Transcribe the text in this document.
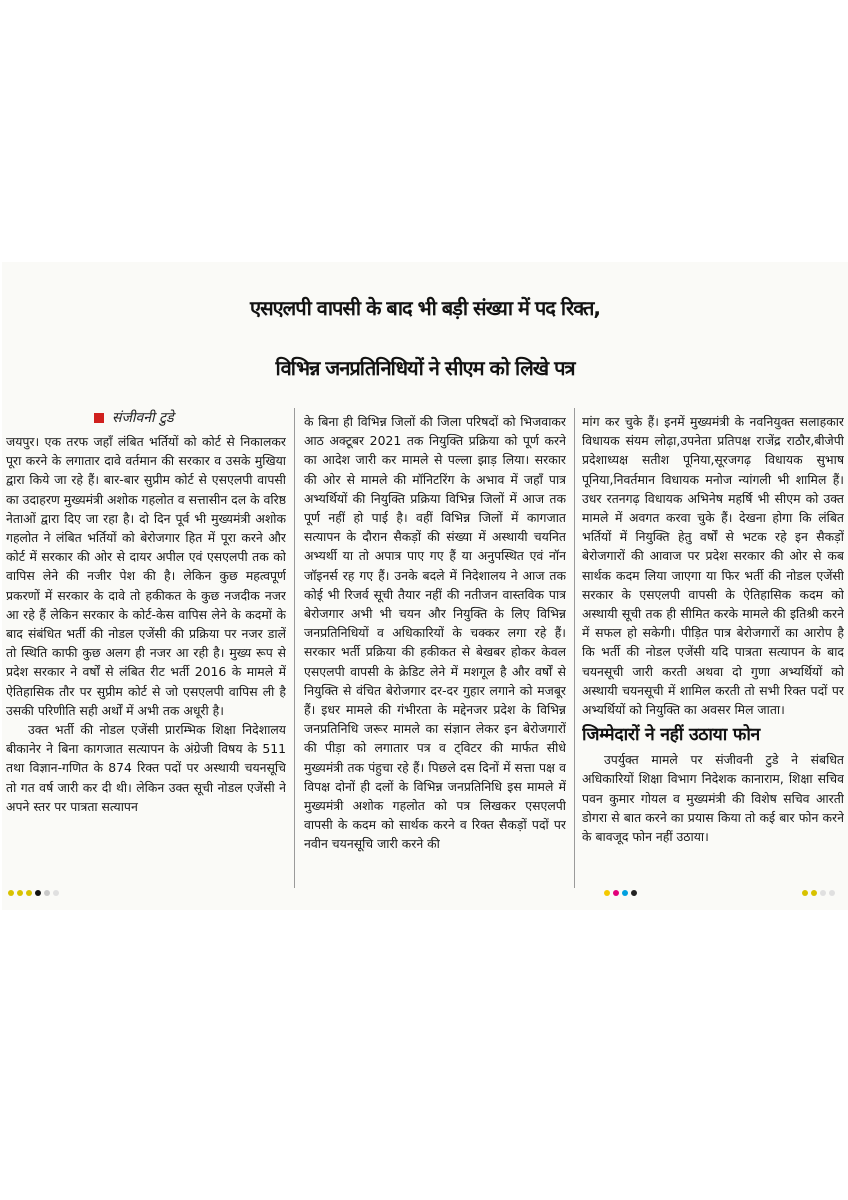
एसएलपी वापसी के बाद भी बड़ी संख्या में पद रिक्त,
विभिन्न जनप्रतिनिधियों ने सीएम को लिखे पत्र
संजीवनी टुडे

जयपुर। एक तरफ जहाँ लंबित भर्तियों को कोर्ट से निकालकर पूरा करने के लगातार दावे वर्तमान की सरकार व उसके मुखिया द्वारा किये जा रहे हैं। बार-बार सुप्रीम कोर्ट से एसएलपी वापसी का उदाहरण मुख्यमंत्री अशोक गहलोत व सत्तासीन दल के वरिष्ठ नेताओं द्वारा दिए जा रहा है। दो दिन पूर्व भी मुख्यमंत्री अशोक गहलोत ने लंबित भर्तियों को बेरोजगार हित में पूरा करने और कोर्ट में सरकार की ओर से दायर अपील एवं एसएलपी तक को वापिस लेने की नजीर पेश की है। लेकिन कुछ महत्वपूर्ण प्रकरणों में सरकार के दावे तो हकीकत के कुछ नजदीक नजर आ रहे हैं लेकिन सरकार के कोर्ट-केस वापिस लेने के कदमों के बाद संबंधित भर्ती की नोडल एजेंसी की प्रक्रिया पर नजर डालें तो स्थिति काफी कुछ अलग ही नजर आ रही है। मुख्य रूप से प्रदेश सरकार ने वर्षों से लंबित रीट भर्ती 2016 के मामले में ऐतिहासिक तौर पर सुप्रीम कोर्ट से जो एसएलपी वापिस ली है उसकी परिणीति सही अर्थों में अभी तक अधूरी है।

उक्त भर्ती की नोडल एजेंसी प्रारम्भिक शिक्षा निदेशालय बीकानेर ने बिना कागजात सत्यापन के अंग्रेजी विषय के 511 तथा विज्ञान-गणित के 874 रिक्त पदों पर अस्थायी चयनसूचि तो गत वर्ष जारी कर दी थी। लेकिन उक्त सूची नोडल एजेंसी ने अपने स्तर पर पात्रता सत्यापन

के बिना ही विभिन्न जिलों की जिला परिषदों को भिजवाकर आठ अक्टूबर 2021 तक नियुक्ति प्रक्रिया को पूर्ण करने का आदेश जारी कर मामले से पल्ला झाड़ लिया। सरकार की ओर से मामले की मॉनिटरिंग के अभाव में जहाँ पात्र अभ्यर्थियों की नियुक्ति प्रक्रिया विभिन्न जिलों में आज तक पूर्ण नहीं हो पाई है। वहीं विभिन्न जिलों में कागजात सत्यापन के दौरान सैकड़ों की संख्या में अस्थायी चयनित अभ्यर्थी या तो अपात्र पाए गए हैं या अनुपस्थित एवं नॉन जॉइनर्स रह गए हैं। उनके बदले में निदेशालय ने आज तक कोई भी रिजर्व सूची तैयार नहीं की नतीजन वास्तविक पात्र बेरोजगार अभी भी चयन और नियुक्ति के लिए विभिन्न जनप्रतिनिधियों व अधिकारियों के चक्कर लगा रहे हैं। सरकार भर्ती प्रक्रिया की हकीकत से बेखबर होकर केवल एसएलपी वापसी के क्रेडिट लेने में मशगूल है और वर्षों से नियुक्ति से वंचित बेरोजगार दर-दर गुहार लगाने को मजबूर हैं। इधर मामले की गंभीरता के मद्देनजर प्रदेश के विभिन्न जनप्रतिनिधि जरूर मामले का संज्ञान लेकर इन बेरोजगारों की पीड़ा को लगातार पत्र व ट्विटर की मार्फत सीधे मुख्यमंत्री तक पंहुचा रहे हैं। पिछले दस दिनों में सत्ता पक्ष व विपक्ष दोनों ही दलों के विभिन्न जनप्रतिनिधि इस मामले में मुख्यमंत्री अशोक गहलोत को पत्र लिखकर एसएलपी वापसी के कदम को सार्थक करने व रिक्त सैकड़ों पदों पर नवीन चयनसूचि जारी करने की

मांग कर चुके हैं। इनमें मुख्यमंत्री के नवनियुक्त सलाहकार विधायक संयम लोढ़ा,उपनेता प्रतिपक्ष राजेंद्र राठौर,बीजेपी प्रदेशाध्यक्ष सतीश पूनिया,सूरजगढ़ विधायक सुभाष पूनिया,निवर्तमान विधायक मनोज न्यांगली भी शामिल हैं। उधर रतनगढ़ विधायक अभिनेष महर्षि भी सीएम को उक्त मामले में अवगत करवा चुके हैं। देखना होगा कि लंबित भर्तियों में नियुक्ति हेतु वर्षों से भटक रहे इन सैकड़ों बेरोजगारों की आवाज पर प्रदेश सरकार की ओर से कब सार्थक कदम लिया जाएगा या फिर भर्ती की नोडल एजेंसी सरकार के एसएलपी वापसी के ऐतिहासिक कदम को अस्थायी सूची तक ही सीमित करके मामले की इतिश्री करने में सफल हो सकेगी। पीड़ित पात्र बेरोजगारों का आरोप है कि भर्ती की नोडल एजेंसी यदि पात्रता सत्यापन के बाद चयनसूची जारी करती अथवा दो गुणा अभ्यर्थियों को अस्थायी चयनसूची में शामिल करती तो सभी रिक्त पदों पर अभ्यर्थियों को नियुक्ति का अवसर मिल जाता।

जिम्मेदारों ने नहीं उठाया फोन

उपर्युक्त मामले पर संजीवनी टुडे ने संबधित अधिकारियों शिक्षा विभाग निदेशक कानाराम, शिक्षा सचिव पवन कुमार गोयल व मुख्यमंत्री की विशेष सचिव आरती डोगरा से बात करने का प्रयास किया तो कई बार फोन करने के बावजूद फोन नहीं उठाया।
